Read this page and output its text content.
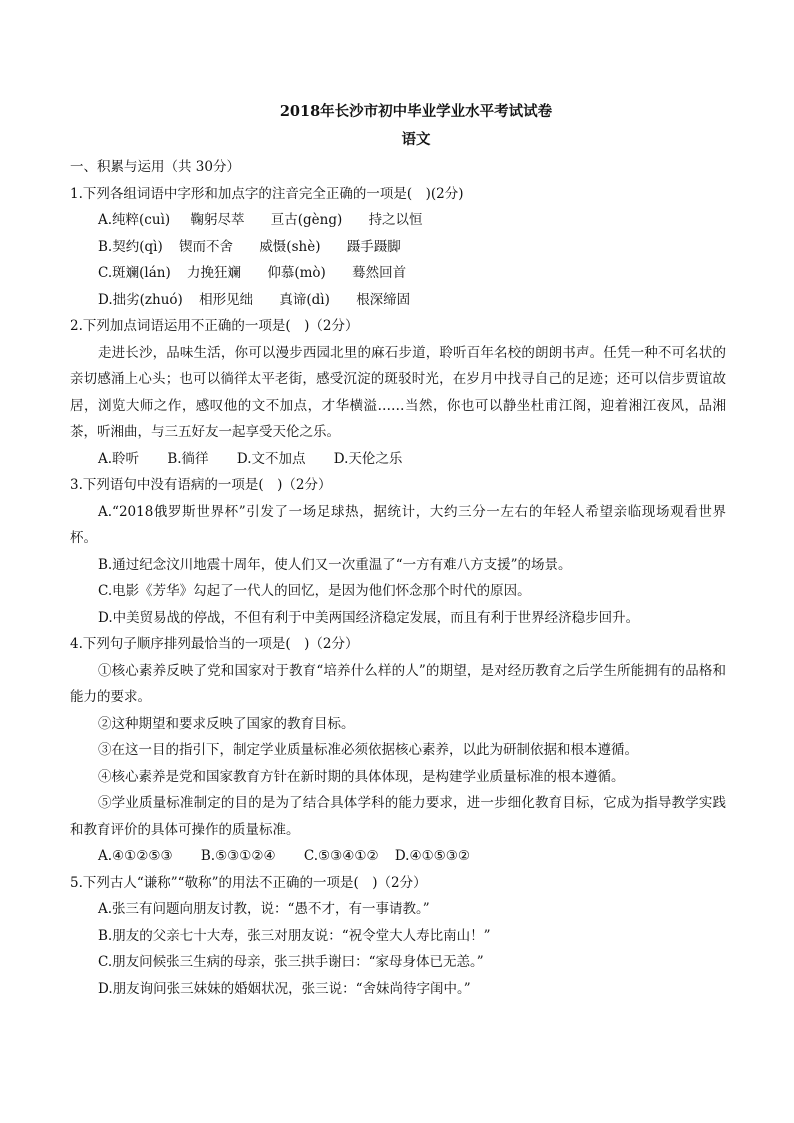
2018年长沙市初中毕业学业水平考试试卷
语文
一、积累与运用（共 30分）
1.下列各组词语中字形和加点字的注音完全正确的一项是(　)(2分)
A.纯粹(cuì) 鞠躬尽萃 亘古(gèng) 持之以恒
B.契约(qì) 锲而不舍 威慑(shè) 蹑手蹑脚
C.斑斓(lán) 力挽狂斓 仰慕(mò) 蓦然回首
D.拙劣(zhuó) 相形见绌 真谛(dì) 根深缔固
2.下列加点词语运用不正确的一项是(　)（2分）
走进长沙，品味生活，你可以漫步西园北里的麻石步道，聆听百年名校的朗朗书声。任凭一种不可名状的亲切感涌上心头；也可以徜徉太平老街，感受沉淀的斑驳时光，在岁月中找寻自己的足迹；还可以信步贾谊故居，浏览大师之作，感叹他的文不加点，才华横溢……当然，你也可以静坐杜甫江阁，迎着湘江夜风，品湘茶，听湘曲，与三五好友一起享受天伦之乐。
A.聆听 B.徜徉 D.文不加点 D.天伦之乐
3.下列语句中没有语病的一项是(　)（2分）
A.“2018俄罗斯世界杯”引发了一场足球热，据统计，大约三分一左右的年轻人希望亲临现场观看世界杯。
B.通过纪念汶川地震十周年，使人们又一次重温了“一方有难八方支援”的场景。
C.电影《芳华》勾起了一代人的回忆，是因为他们怀念那个时代的原因。
D.中美贸易战的停战，不但有利于中美两国经济稳定发展，而且有利于世界经济稳步回升。
4.下列句子顺序排列最恰当的一项是(　)（2分）
①核心素养反映了党和国家对于教育“培养什么样的人”的期望，是对经历教育之后学生所能拥有的品格和能力的要求。
②这种期望和要求反映了国家的教育目标。
③在这一目的指引下，制定学业质量标准必须依据核心素养，以此为研制依据和根本遵循。
④核心素养是党和国家教育方针在新时期的具体体现，是构建学业质量标准的根本遵循。
⑤学业质量标准制定的目的是为了结合具体学科的能力要求，进一步细化教育目标，它成为指导教学实践和教育评价的具体可操作的质量标准。
A.④①②⑤③ B.⑤③①②④ C.⑤③④①② D.④①⑤③②
5.下列古人“谦称”“敬称”的用法不正确的一项是(　)（2分）
A.张三有问题向朋友讨教，说：“愚不才，有一事请教。”
B.朋友的父亲七十大寿，张三对朋友说：“祝令堂大人寿比南山！”
C.朋友问候张三生病的母亲，张三拱手谢曰：“家母身体已无恙。”
D.朋友询问张三妹妹的婚姻状况，张三说：“舍妹尚待字闺中。”
